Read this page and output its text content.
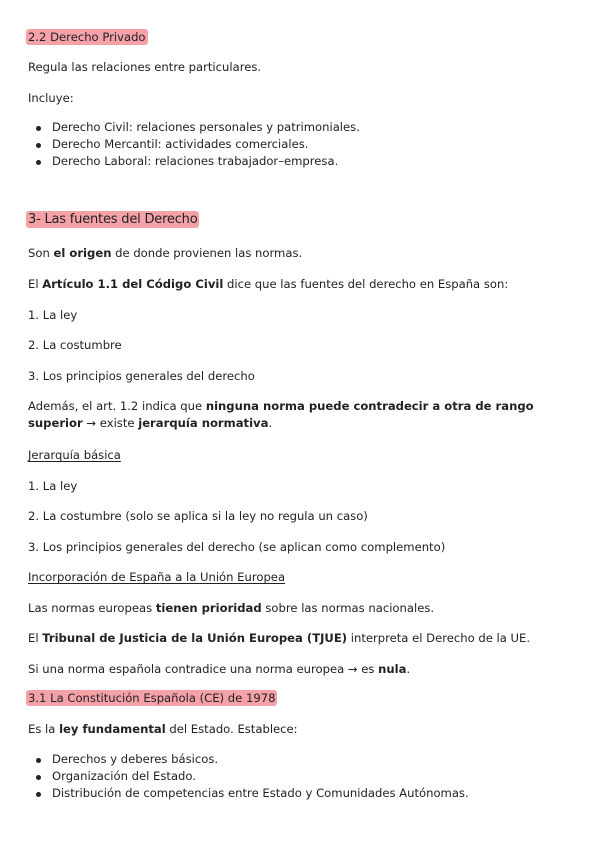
2.2 Derecho Privado
Regula las relaciones entre particulares.
Incluye:
Derecho Civil: relaciones personales y patrimoniales.
Derecho Mercantil: actividades comerciales.
Derecho Laboral: relaciones trabajador–empresa.
3- Las fuentes del Derecho
Son el origen de donde provienen las normas.
El Artículo 1.1 del Código Civil dice que las fuentes del derecho en España son:
1. La ley
2. La costumbre
3. Los principios generales del derecho
Además, el art. 1.2 indica que ninguna norma puede contradecir a otra de rango superior → existe jerarquía normativa.
Jerarquía básica
1. La ley
2. La costumbre (solo se aplica si la ley no regula un caso)
3. Los principios generales del derecho (se aplican como complemento)
Incorporación de España a la Unión Europea
Las normas europeas tienen prioridad sobre las normas nacionales.
El Tribunal de Justicia de la Unión Europea (TJUE) interpreta el Derecho de la UE.
Si una norma española contradice una norma europea → es nula.
3.1 La Constitución Española (CE) de 1978
Es la ley fundamental del Estado. Establece:
Derechos y deberes básicos.
Organización del Estado.
Distribución de competencias entre Estado y Comunidades Autónomas.
